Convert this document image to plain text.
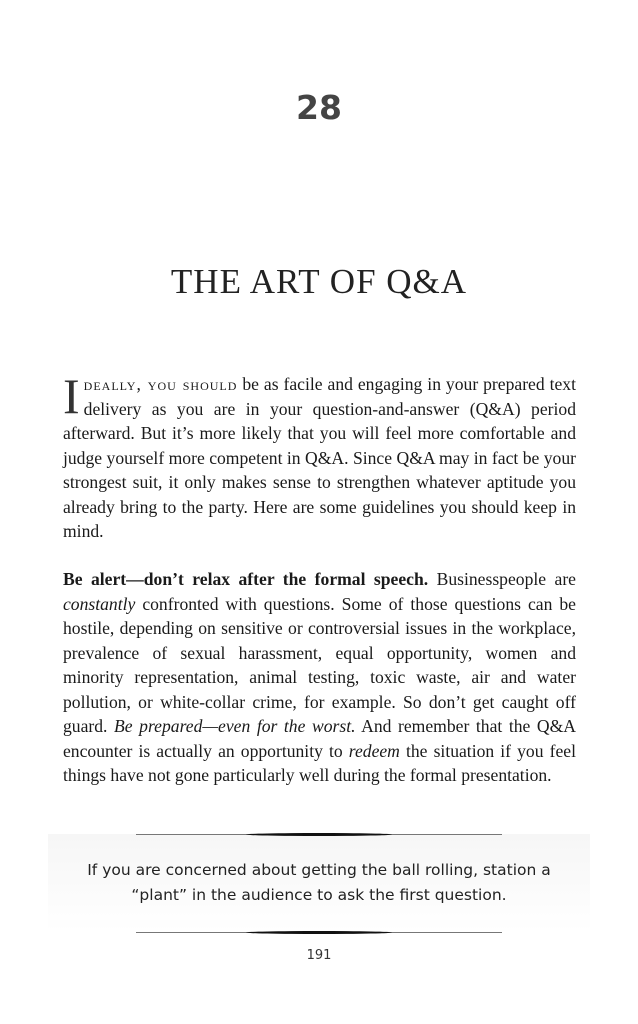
28
THE ART OF Q&A

Ideally, you should be as facile and engaging in your prepared text delivery as you are in your question-and-answer (Q&A) period afterward. But it’s more likely that you will feel more comfortable and judge yourself more competent in Q&A. Since Q&A may in fact be your strongest suit, it only makes sense to strengthen whatever aptitude you already bring to the party. Here are some guidelines you should keep in mind.

Be alert—don’t relax after the formal speech. Businesspeople are constantly confronted with questions. Some of those questions can be hostile, depending on sensitive or controversial issues in the workplace, prevalence of sexual harassment, equal opportunity, women and minority representation, animal testing, toxic waste, air and water pollution, or white-collar crime, for example. So don’t get caught off guard. Be prepared—even for the worst. And remember that the Q&A encounter is actually an opportunity to redeem the situation if you feel things have not gone particularly well during the formal presentation.

If you are concerned about getting the ball rolling, station a “plant” in the audience to ask the first question.
191
